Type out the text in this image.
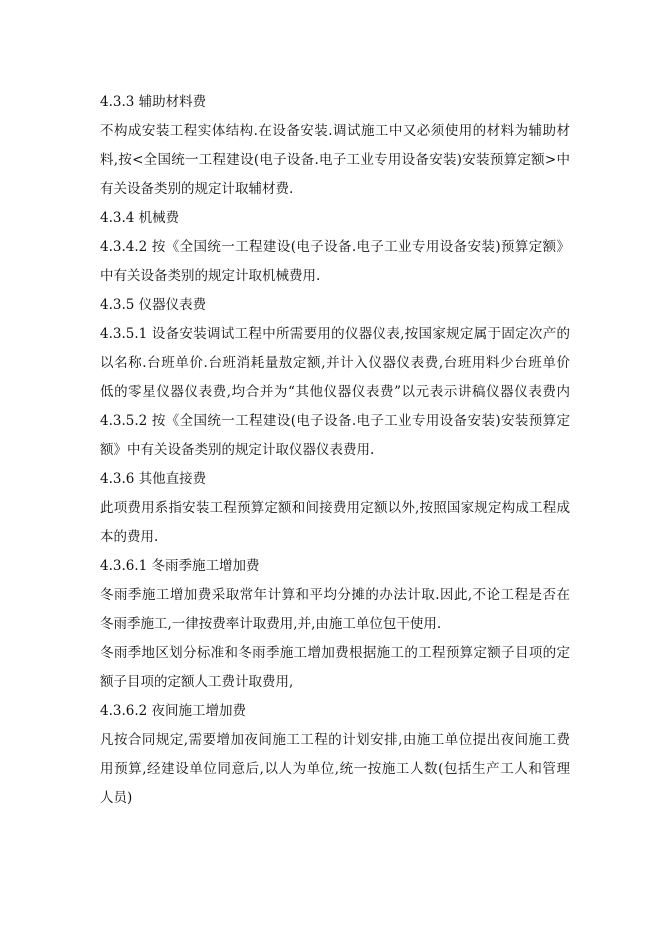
4.3.3 辅助材料费
不构成安装工程实体结构.在设备安装.调试施工中又必须使用的材料为辅助材
料,按<全国统一工程建设(电子设备.电子工业专用设备安装)安装预算定额>中
有关设备类别的规定计取辅材费.
4.3.4 机械费
4.3.4.2 按《全国统一工程建设(电子设备.电子工业专用设备安装)预算定额》
中有关设备类别的规定计取机械费用.
4.3.5 仪器仪表费
4.3.5.1 设备安装调试工程中所需要用的仪器仪表,按国家规定属于固定次产的
以名称.台班单价.台班消耗量敖定额,并计入仪器仪表费,台班用料少台班单价
低的零星仪器仪表费,均合并为“其他仪器仪表费”以元表示讲稿仪器仪表费内
4.3.5.2 按《全国统一工程建设(电子设备.电子工业专用设备安装)安装预算定
额》中有关设备类别的规定计取仪器仪表费用.
4.3.6 其他直接费
此项费用系指安装工程预算定额和间接费用定额以外,按照国家规定构成工程成
本的费用.
4.3.6.1 冬雨季施工增加费
冬雨季施工增加费采取常年计算和平均分摊的办法计取.因此,不论工程是否在
冬雨季施工,一律按费率计取费用,并,由施工单位包干使用.
冬雨季地区划分标准和冬雨季施工增加费根据施工的工程预算定额子目项的定
额子目项的定额人工费计取费用,
4.3.6.2 夜间施工增加费
凡按合同规定,需要增加夜间施工工程的计划安排,由施工单位提出夜间施工费
用预算,经建设单位同意后,以人为单位,统一按施工人数(包括生产工人和管理
人员)
